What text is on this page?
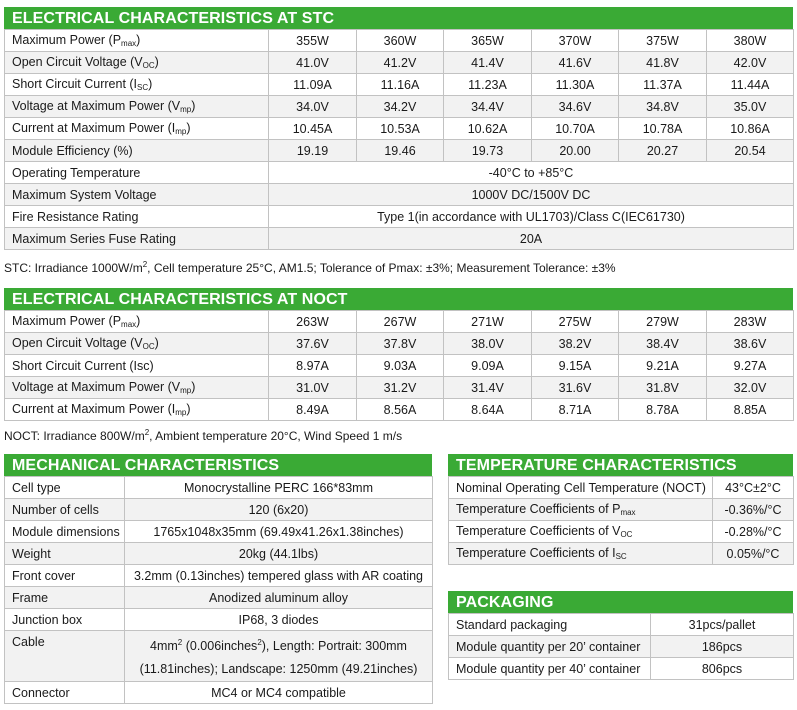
ELECTRICAL CHARACTERISTICS AT STC
Maximum Power $(P_{max})$	355W	360W	365W	370W	375W	380W
Open Circuit Voltage $(V_{OC})$	41.0V	41.2V	41.4V	41.6V	41.8V	42.0V
Short Circuit Current $(I_{SC})$	11.09A	11.16A	11.23A	11.30A	11.37A	11.44A
Voltage at Maximum Power $(V_{mp})$	34.0V	34.2V	34.4V	34.6V	34.8V	35.0V
Current at Maximum Power $(I_{mp})$	10.45A	10.53A	10.62A	10.70A	10.78A	10.86A
Module Efficiency (%)	19.19	19.46	19.73	20.00	20.27	20.54
Operating Temperature	-40°C to +85°C					
Maximum System Voltage	1000V DC/1500V DC					
Fire Resistance Rating	Type 1(in accordance with UL1703)/Class C(IEC61730)					
Maximum Series Fuse Rating	20A					
STC: Irradiance $1000W/m^2$, Cell temperature 25°C, AM1.5; Tolerance of Pmax: ±3%; Measurement Tolerance: ±3%
ELECTRICAL CHARACTERISTICS AT NOCT
Maximum Power $(P_{max})$	263W	267W	271W	275W	279W	283W
Open Circuit Voltage $(V_{OC})$	37.6V	37.8V	38.0V	38.2V	38.4V	38.6V
Short Circuit Current (Isc)	8.97A	9.03A	9.09A	9.15A	9.21A	9.27A
Voltage at Maximum Power $(V_{mp})$	31.0V	31.2V	31.4V	31.6V	31.8V	32.0V
Current at Maximum Power $(I_{mp})$	8.49A	8.56A	8.64A	8.71A	8.78A	8.85A
NOCT: Irradiance $800W/m^2$, Ambient temperature 20°C, Wind Speed 1 m/s
MECHANICAL CHARACTERISTICS
Cell type	Monocrystalline PERC 166*83mm
Number of cells	120 (6x20)
Module dimensions	1765x1048x35mm (69.49x41.26x1.38inches)
Weight	20kg (44.1lbs)
Front cover	3.2mm (0.13inches) tempered glass with AR coating
Frame	Anodized aluminum alloy
Junction box	IP68, 3 diodes
Cable	$4mm^2$ (0.006inches$^2$), Length: Portrait: 300mm
(11.81inches); Landscape: 1250mm (49.21inches)
Connector	MC4 or MC4 compatible
TEMPERATURE CHARACTERISTICS
Nominal Operating Cell Temperature (NOCT)	43°C±2°C
Temperature Coefficients of $P_{max}$	-0.36%/°C
Temperature Coefficients of $V_{OC}$	-0.28%/°C
Temperature Coefficients of $I_{SC}$	0.05%/°C
PACKAGING
Standard packaging	31pcs/pallet
Module quantity per 20’ container	186pcs
Module quantity per 40’ container	806pcs
